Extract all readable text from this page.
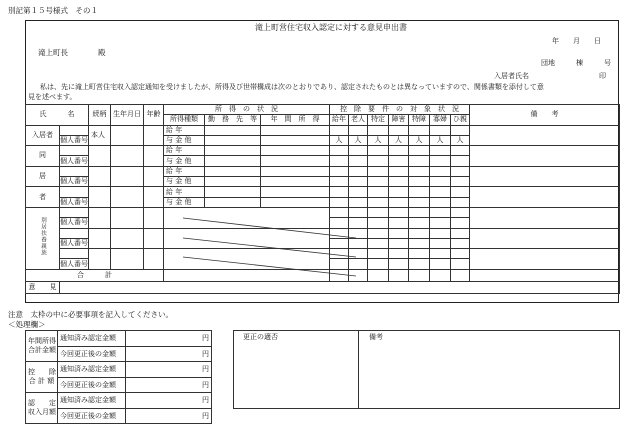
別記第１５号様式　その１
滝上町営住宅収入認定に対する意見申出書
年　　月　　日
滝上町長　　　　殿
団地　　　棟　　　号
入居者氏名	印
私は、先に滝上町営住宅収入認定通知を受けましたが、所得及び世帯構成は次のとおりであり、認定されたものとは異なっていますので、関係書類を添付して意
見を述べます。
氏　　　名		続柄	生年月日	年齢	所　得　の　状　況			控　除　要　件　の　対　象　状　況							備　　考
					所得種類	勤　務　先　等	年　間　所　得	給年	老人	特定	障害	特障	寡婦	ひ親	
入居者		本人			給 年										
	個人番号				与 金 他			人	人	人	人	人	人	人	
同					給 年										
	個人番号				与 金 他										
居					給 年										
	個人番号				与 金 他										
者					給 年										
	個人番号				与 金 他										
別居扶養親族															
	個人番号														

	個人番号														

	個人番号														
合　　　計															
意　　見															
注意　太枠の中に必要事項を記入してください。
＜処理欄＞
年間所得
合計金額	通知済み認定金額	円
	今回更正後の金額	円
控　　除
合 計 額	通知済み認定金額	円
	今回更正後の金額	円
認　　定
収入月額	通知済み認定金額	円
	今回更正後の金額	円
更正の適否	備考
